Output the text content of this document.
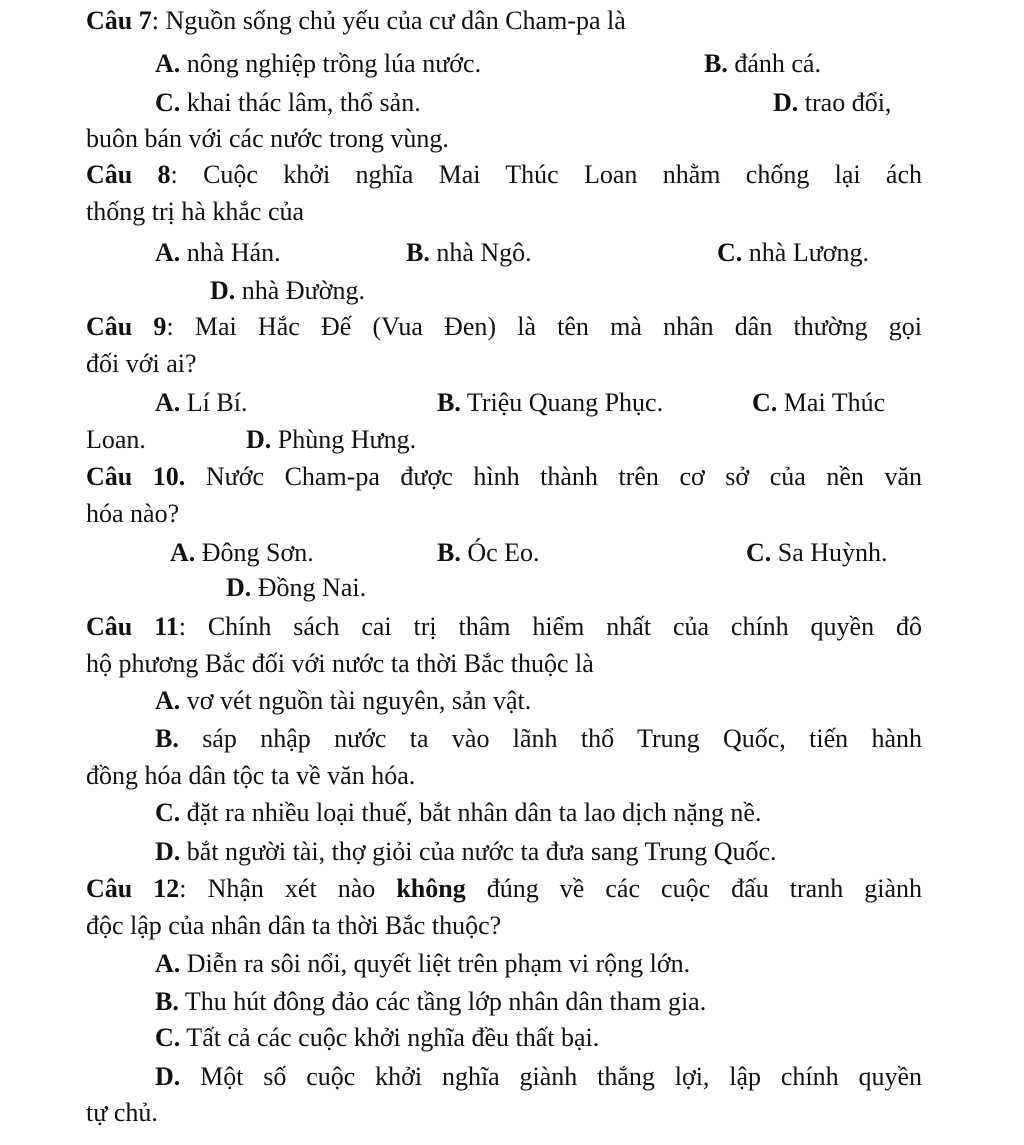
Câu 7: Nguồn sống chủ yếu của cư dân Cham-pa là
A. nông nghiệp trồng lúa nước.	B. đánh cá.
C. khai thác lâm, thổ sản.	D. trao đổi,
buôn bán với các nước trong vùng.
Câu 8: Cuộc khởi nghĩa Mai Thúc Loan nhằm chống lại ách
thống trị hà khắc của
A. nhà Hán.	B. nhà Ngô.	C. nhà Lương.
D. nhà Đường.
Câu 9: Mai Hắc Đế (Vua Đen) là tên mà nhân dân thường gọi
đối với ai?
A. Lí Bí.	B. Triệu Quang Phục.	C. Mai Thúc
Loan.	D. Phùng Hưng.
Câu 10. Nước Cham-pa được hình thành trên cơ sở của nền văn
hóa nào?
A. Đông Sơn.	B. Óc Eo.	C. Sa Huỳnh.
D. Đồng Nai.
Câu 11: Chính sách cai trị thâm hiểm nhất của chính quyền đô
hộ phương Bắc đối với nước ta thời Bắc thuộc là
A. vơ vét nguồn tài nguyên, sản vật.
B. sáp nhập nước ta vào lãnh thổ Trung Quốc, tiến hành
đồng hóa dân tộc ta về văn hóa.
C. đặt ra nhiều loại thuế, bắt nhân dân ta lao dịch nặng nề.
D. bắt người tài, thợ giỏi của nước ta đưa sang Trung Quốc.
Câu 12: Nhận xét nào không đúng về các cuộc đấu tranh giành
độc lập của nhân dân ta thời Bắc thuộc?
A. Diễn ra sôi nổi, quyết liệt trên phạm vi rộng lớn.
B. Thu hút đông đảo các tầng lớp nhân dân tham gia.
C. Tất cả các cuộc khởi nghĩa đều thất bại.
D. Một số cuộc khởi nghĩa giành thắng lợi, lập chính quyền
tự chủ.
